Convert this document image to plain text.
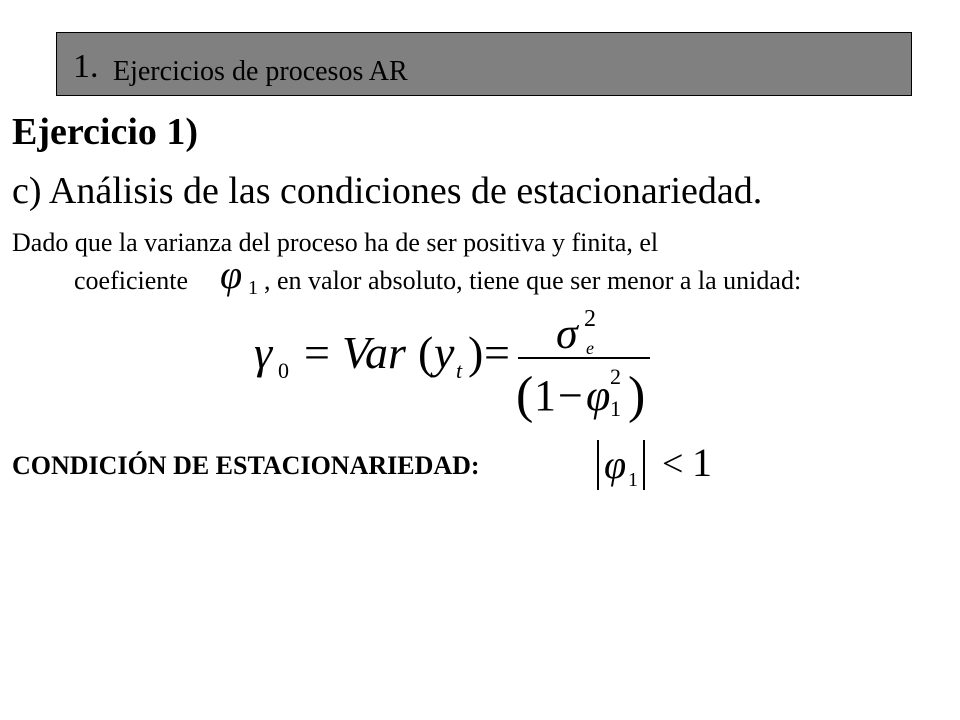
1. Ejercicios de procesos AR
Ejercicio 1)
c) Análisis de las condiciones de estacionariedad.
Dado que la varianza del proceso ha de ser positiva y finita, el
coeficiente φ 1 , en valor absoluto, tiene que ser menor a la unidad:
γ 0 = Var ( y t ) = σ 2
e
( 1 − φ 2
1 )
CONDICIÓN DE ESTACIONARIEDAD:	φ 1 < 1
